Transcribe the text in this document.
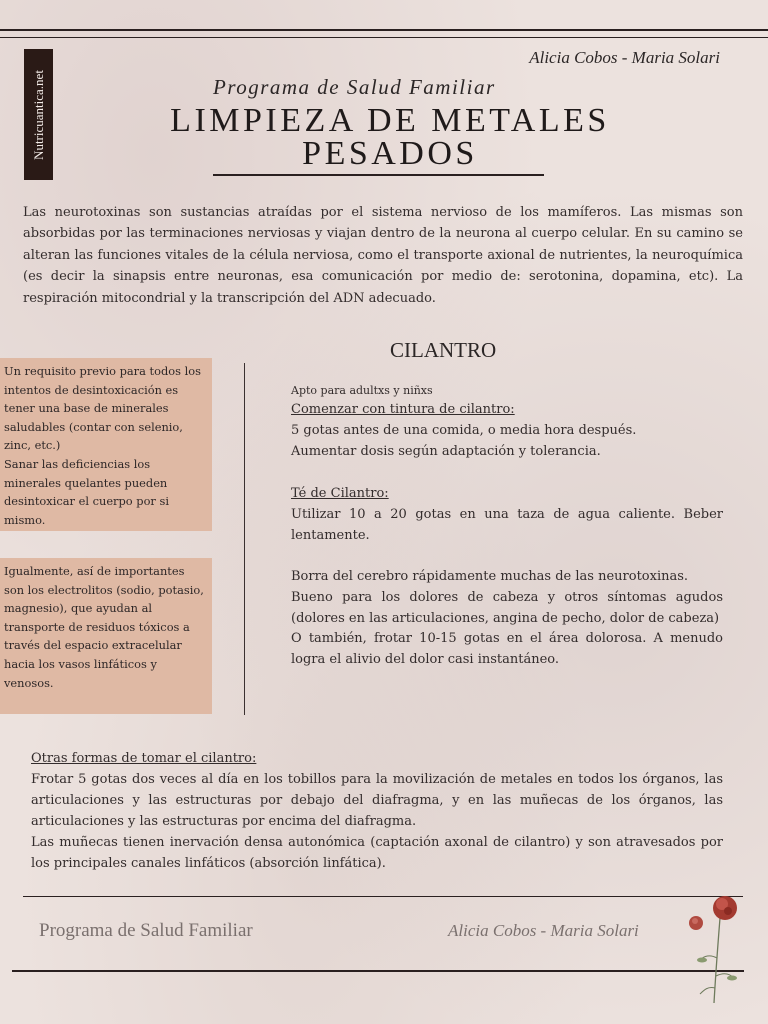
Nutricuantica.net
Alicia Cobos - Maria Solari
Programa de Salud Familiar
LIMPIEZA DE METALES
PESADOS
Las neurotoxinas son sustancias atraídas por el sistema nervioso de los mamíferos. Las mismas son absorbidas por las terminaciones nerviosas y viajan dentro de la neurona al cuerpo celular. En su camino se alteran las funciones vitales de la célula nerviosa, como el transporte axional de nutrientes, la neuroquímica (es decir la sinapsis entre neuronas, esa comunicación por medio de: serotonina, dopamina, etc). La respiración mitocondrial y la transcripción del ADN adecuado.
CILANTRO
Un requisito previo para todos los intentos de desintoxicación es tener una base de minerales saludables (contar con selenio, zinc, etc.)
Sanar las deficiencias los minerales quelantes pueden desintoxicar el cuerpo por si mismo.
Igualmente, así de importantes son los electrolitos (sodio, potasio, magnesio), que ayudan al
transporte de residuos tóxicos a través del espacio extracelular hacia los vasos linfáticos y venosos.
Apto para adultxs y niñxs
Comenzar con tintura de cilantro:
5 gotas antes de una comida, o media hora después.
Aumentar dosis según adaptación y tolerancia.
Té de Cilantro:
Utilizar 10 a 20 gotas en una taza de agua caliente. Beber lentamente.
Borra del cerebro rápidamente muchas de las neurotoxinas.
Bueno para los dolores de cabeza y otros síntomas agudos (dolores en las articulaciones, angina de pecho, dolor de cabeza)
O también, frotar 10-15 gotas en el área dolorosa. A menudo logra el alivio del dolor casi instantáneo.
Otras formas de tomar el cilantro:
Frotar 5 gotas dos veces al día en los tobillos para la movilización de metales en todos los órganos, las articulaciones y las estructuras por debajo del diafragma, y en las muñecas de los órganos, las articulaciones y las estructuras por encima del diafragma.
Las muñecas tienen inervación densa autonómica (captación axonal de cilantro) y son atravesados por los principales canales linfáticos (absorción linfática).
Programa de Salud Familiar	Alicia Cobos - Maria Solari
